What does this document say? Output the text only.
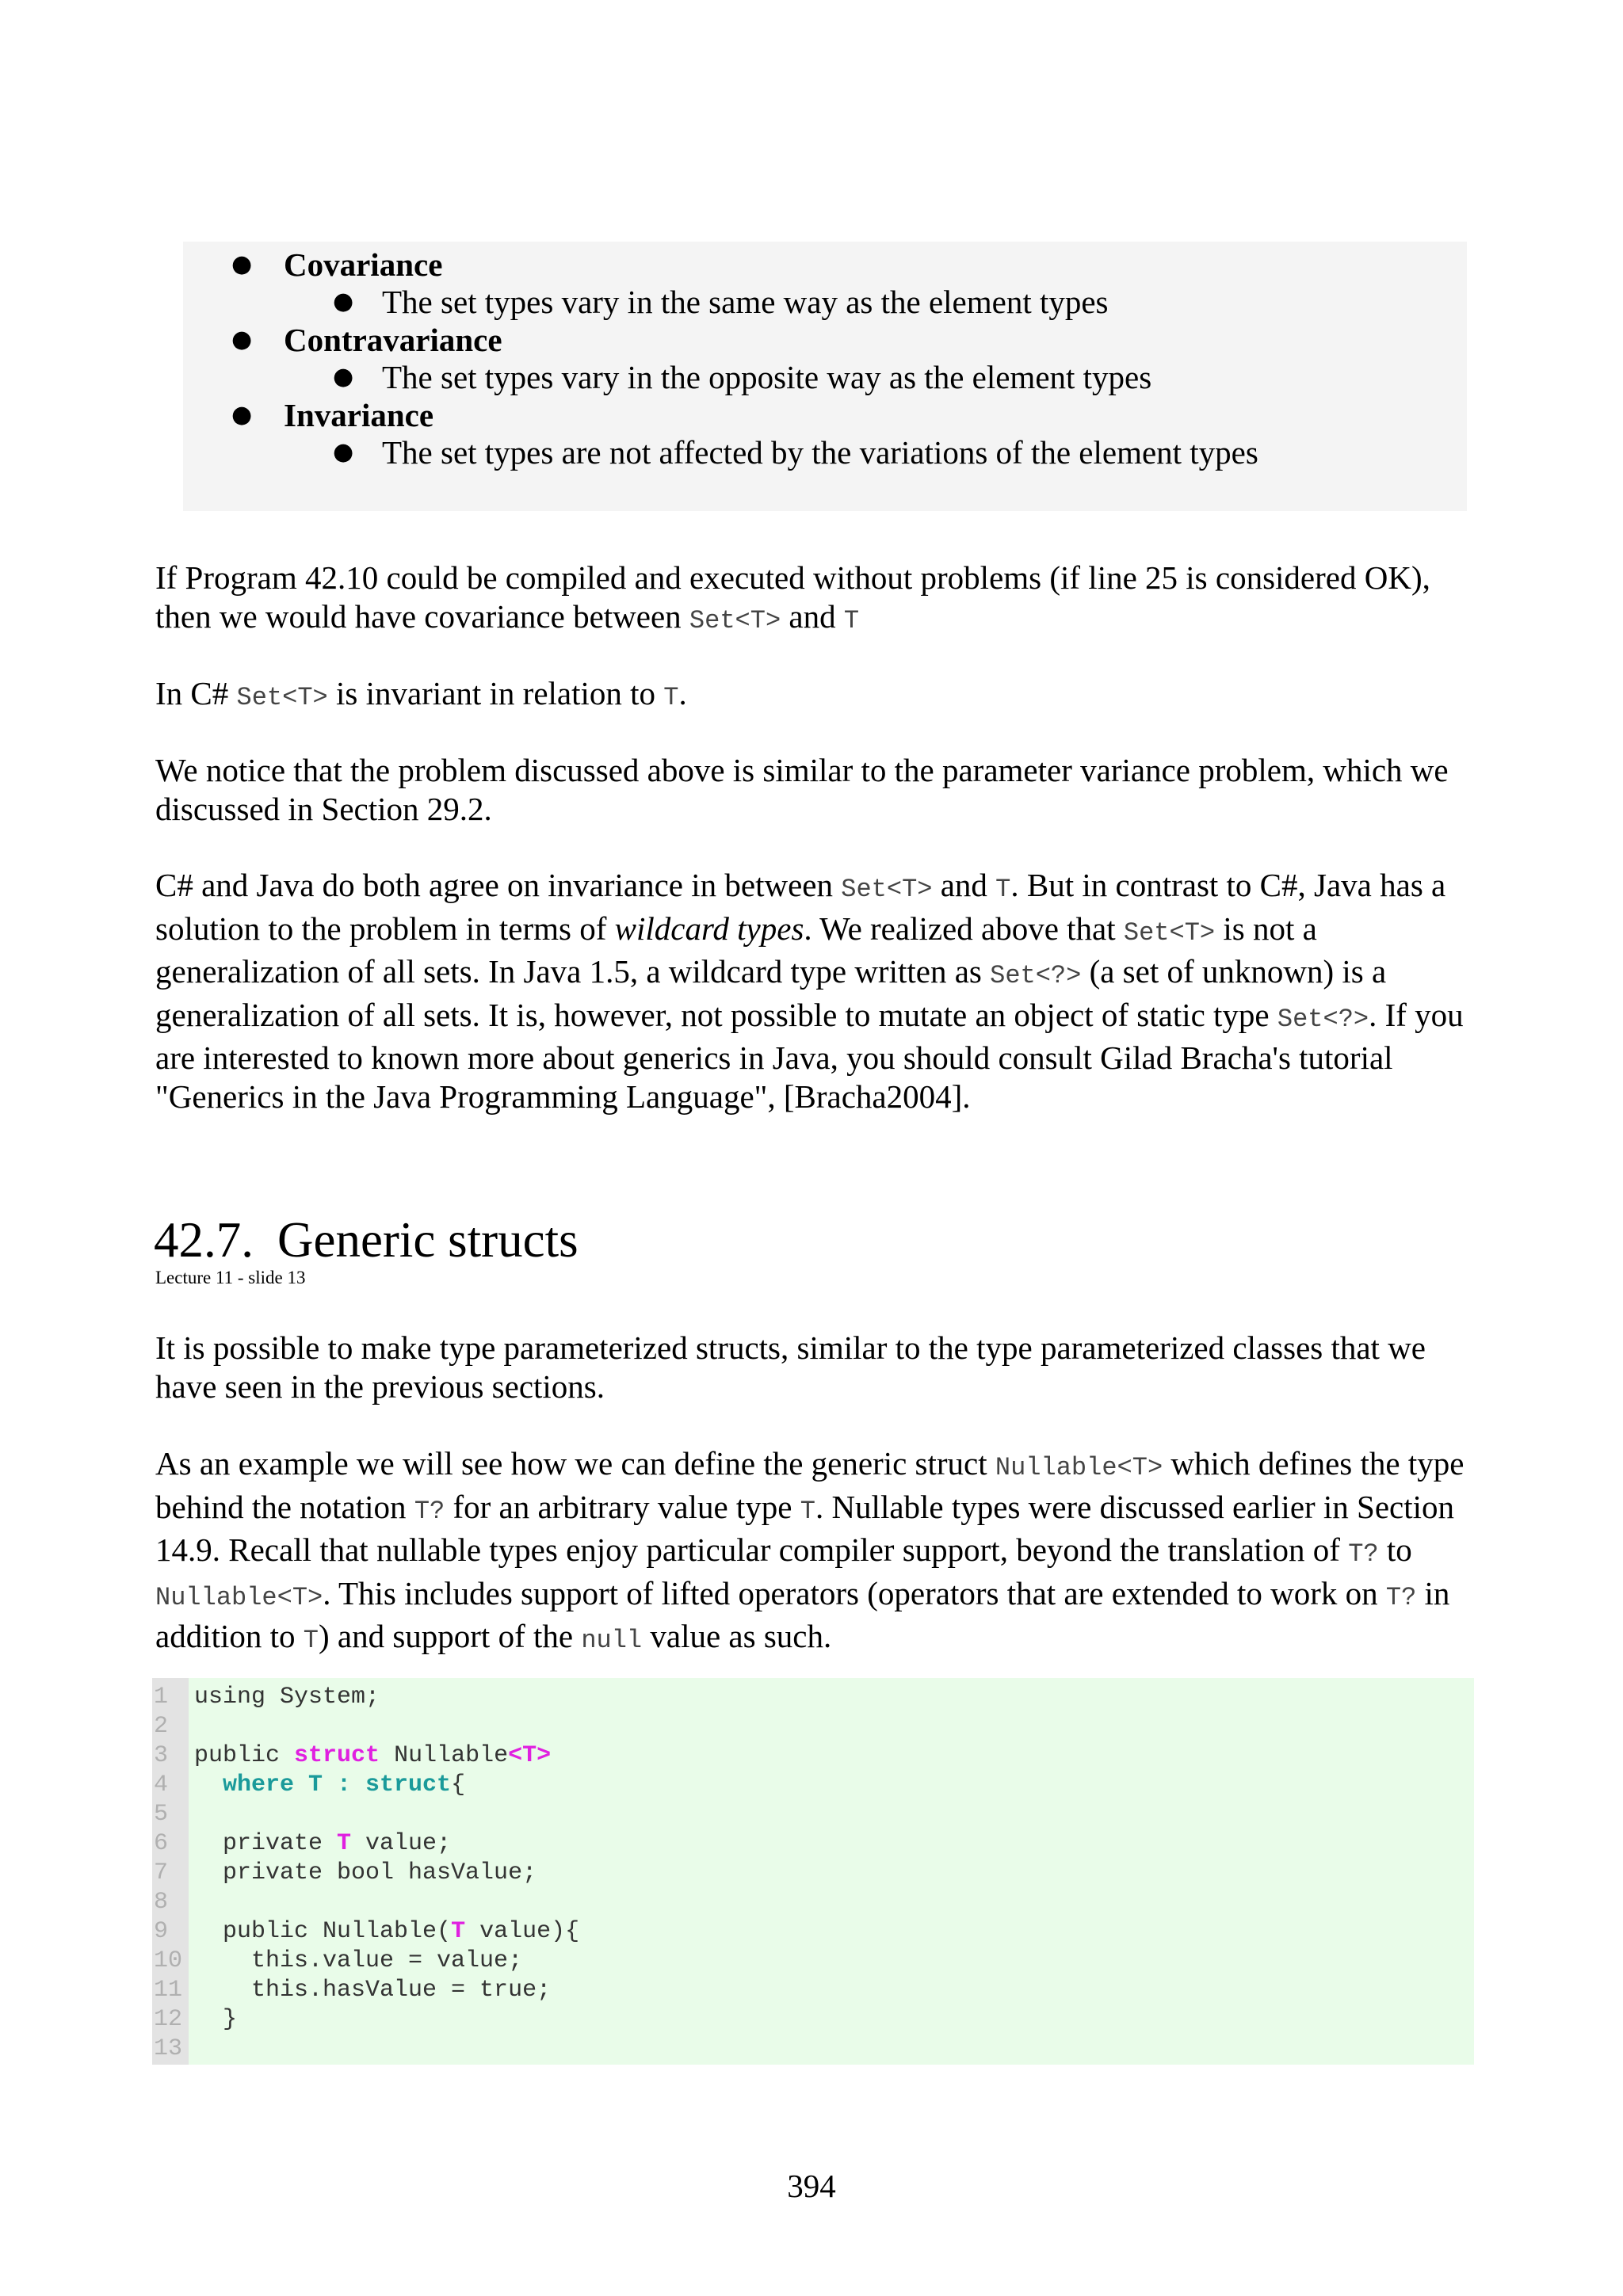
● Covariance
● The set types vary in the same way as the element types
● Contravariance
● The set types vary in the opposite way as the element types
● Invariance
● The set types are not affected by the variations of the element types

If Program 42.10 could be compiled and executed without problems (if line 25 is considered OK), then we would have covariance between Set<T> and T

In C# Set<T> is invariant in relation to T.

We notice that the problem discussed above is similar to the parameter variance problem, which we discussed in Section 29.2.

C# and Java do both agree on invariance in between Set<T> and T. But in contrast to C#, Java has a solution to the problem in terms of wildcard types. We realized above that Set<T> is not a generalization of all sets. In Java 1.5, a wildcard type written as Set<?> (a set of unknown) is a generalization of all sets. It is, however, not possible to mutate an object of static type Set<?>. If you are interested to known more about generics in Java, you should consult Gilad Bracha's tutorial "Generics in the Java Programming Language", [Bracha2004].

42.7. Generic structs
Lecture 11 - slide 13

It is possible to make type parameterized structs, similar to the type parameterized classes that we have seen in the previous sections.

As an example we will see how we can define the generic struct Nullable<T> which defines the type behind the notation T? for an arbitrary value type T. Nullable types were discussed earlier in Section 14.9. Recall that nullable types enjoy particular compiler support, beyond the translation of T? to Nullable<T>. This includes support of lifted operators (operators that are extended to work on T? in addition to T) and support of the null value as such.

1	using System;
2
3	public struct Nullable<T>
4	where T : struct{
5
6	private T value;
7	private bool hasValue;
8
9	public Nullable(T value){
10 this.value = value;
11 this.hasValue = true;
12 }
13
394
